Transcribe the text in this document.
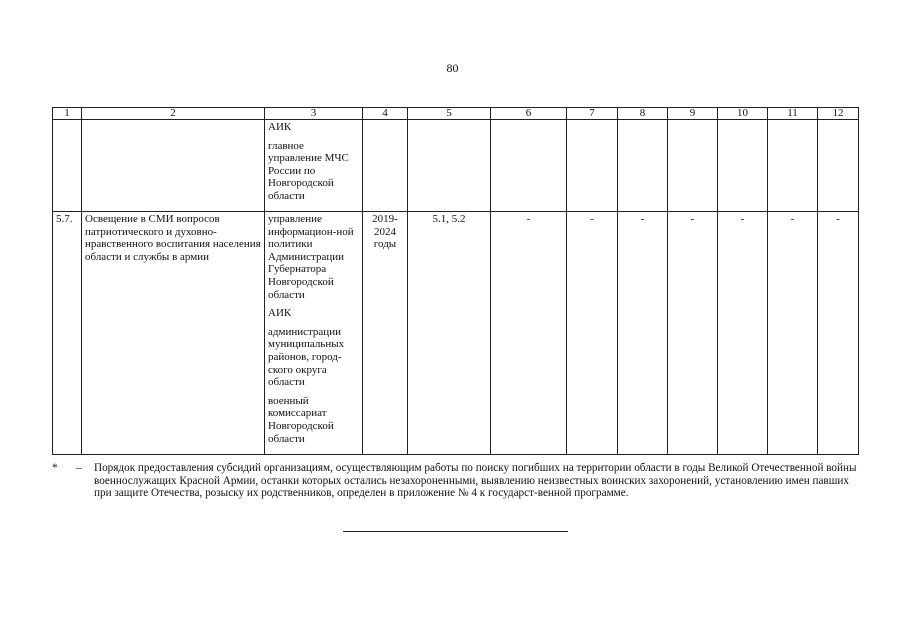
80
1	2	3	4	5	6	7	8	9	10	11	12

		АИК

главное управление МЧС России по Новгородской области									

5.7.	Освещение в СМИ вопросов патриотического и духовно-нравственного воспитания населения области и службы в армии	управление информацион-ной политики Администрации Губернатора Новгородской области

АИК

администрации муниципальных районов, город-ского округа области

военный комиссариат Новгородской области	2019-2024 годы	5.1, 5.2	-	-	-	-	-	-	-
* – Порядок предоставления субсидий организациям, осуществляющим работы по поиску погибших на территории области в годы Великой Отечественной войны военнослужащих Красной Армии, останки которых остались незахороненными, выявлению неизвестных воинских захоронений, установлению имен павших при защите Отечества, розыску их родственников, определен в приложение № 4 к государст-венной программе.
